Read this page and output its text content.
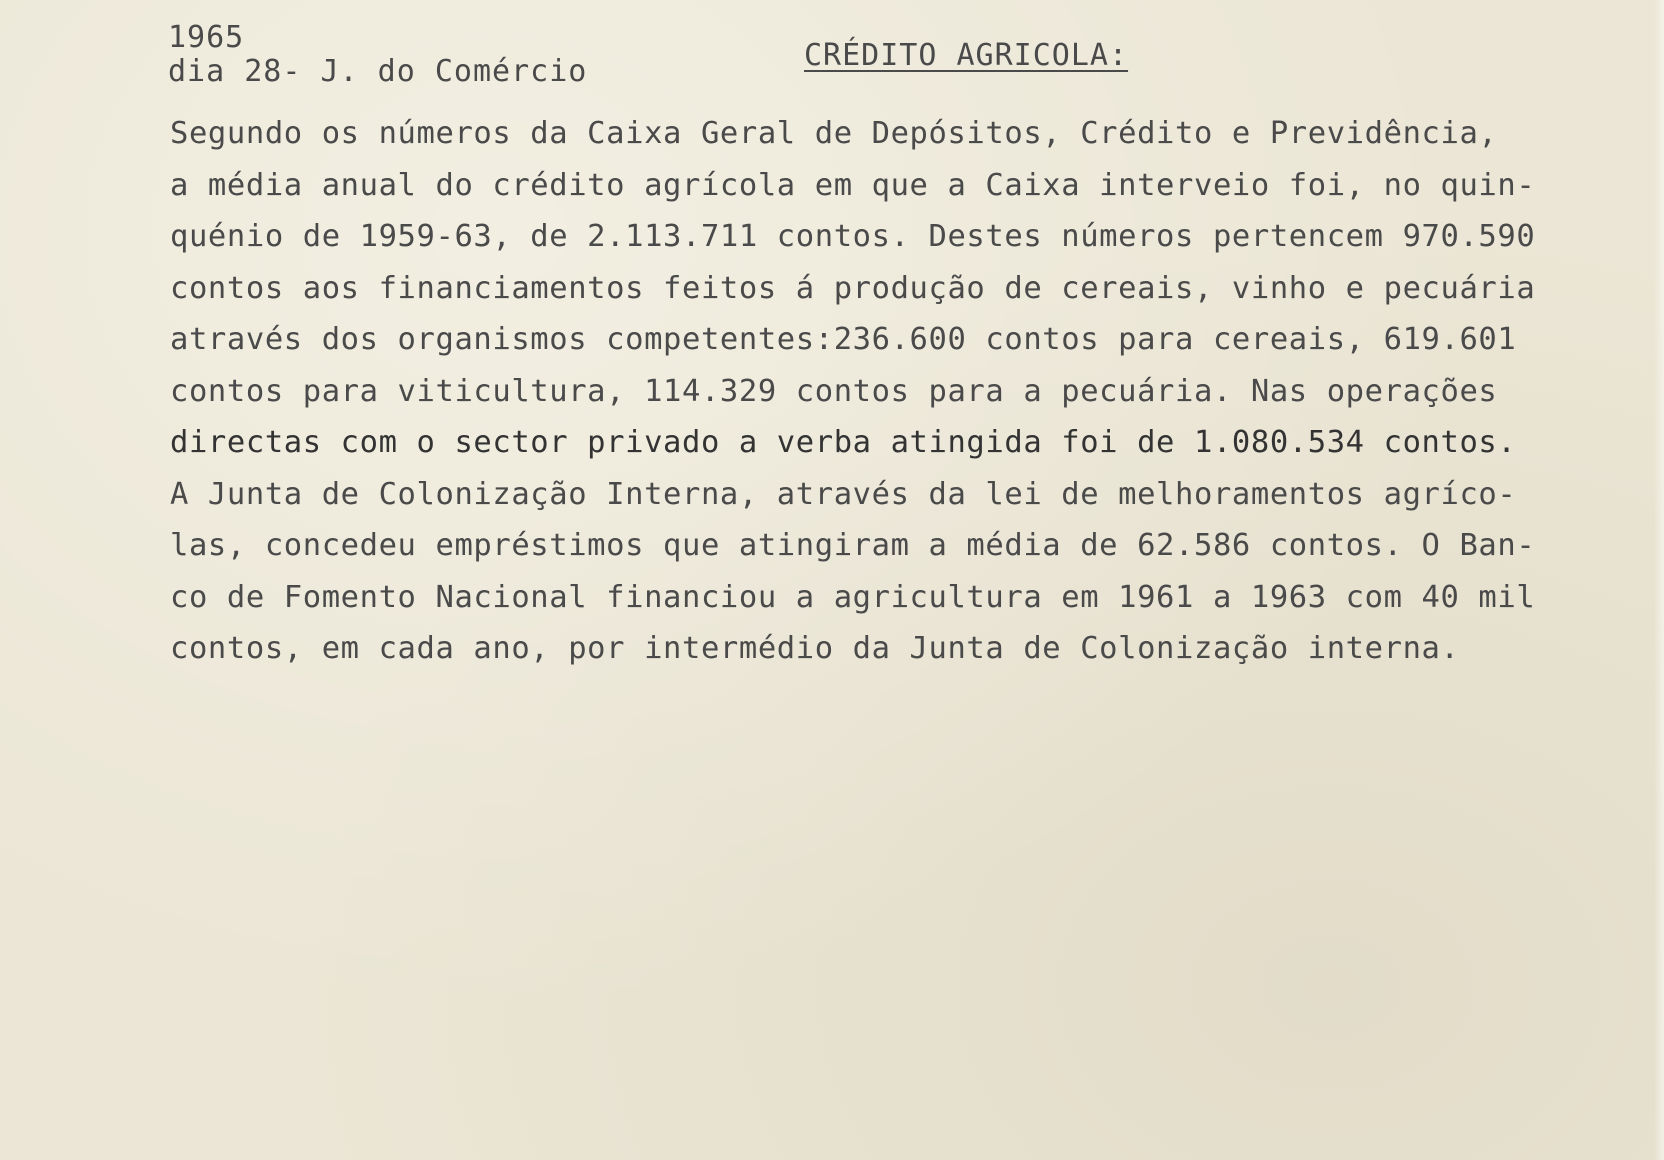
1965
dia 28- J. do Comércio	CRÉDITO AGRICOLA:
Segundo os números da Caixa Geral de Depósitos, Crédito e Previdência,
a média anual do crédito agrícola em que a Caixa interveio foi, no quin-
quénio de 1959-63, de 2.113.711 contos. Destes números pertencem 970.590
contos aos financiamentos feitos á produção de cereais, vinho e pecuária
através dos organismos competentes:236.600 contos para cereais, 619.601
contos para viticultura, 114.329 contos para a pecuária. Nas operações
directas com o sector privado a verba atingida foi de 1.080.534 contos.
A Junta de Colonização Interna, através da lei de melhoramentos agríco-
las, concedeu empréstimos que atingiram a média de 62.586 contos. O Ban-
co de Fomento Nacional financiou a agricultura em 1961 a 1963 com 40 mil
contos, em cada ano, por intermédio da Junta de Colonização interna.
